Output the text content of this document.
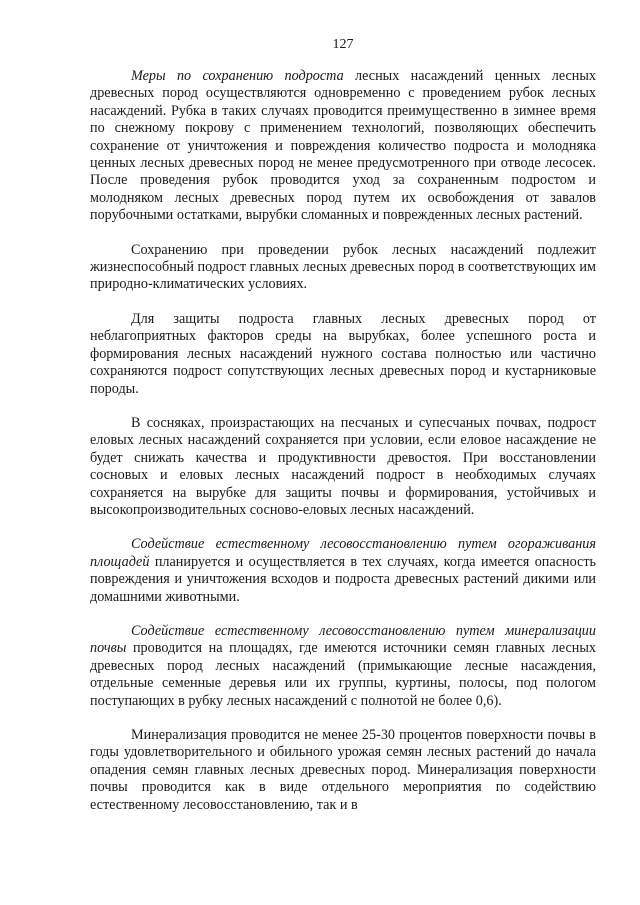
127

Меры по сохранению подроста лесных насаждений ценных лесных древесных пород осуществляются одновременно с проведением рубок лесных насаждений. Рубка в таких случаях проводится преимущественно в зимнее время по снежному покрову с применением технологий, позволяющих обеспечить сохранение от уничтожения и повреждения количество подроста и молодняка ценных лесных древесных пород не менее предусмотренного при отводе лесосек. После проведения рубок проводится уход за сохраненным подростом и молодняком лесных древесных пород путем их освобождения от завалов порубочными остатками, вырубки сломанных и поврежденных лесных растений.

Сохранению при проведении рубок лесных насаждений подлежит жизнеспособный подрост главных лесных древесных пород в соответствующих им природно-климатических условиях.

Для защиты подроста главных лесных древесных пород от неблагоприятных факторов среды на вырубках, более успешного роста и формирования лесных насаждений нужного состава полностью или частично сохраняются подрост сопутствующих лесных древесных пород и кустарниковые породы.

В сосняках, произрастающих на песчаных и супесчаных почвах, подрост еловых лесных насаждений сохраняется при условии, если еловое насаждение не будет снижать качества и продуктивности древостоя. При восстановлении сосновых и еловых лесных насаждений подрост в необходимых случаях сохраняется на вырубке для защиты почвы и формирования, устойчивых и высокопроизводительных сосново-еловых лесных насаждений.

Содействие естественному лесовосстановлению путем огораживания площадей планируется и осуществляется в тех случаях, когда имеется опасность повреждения и уничтожения всходов и подроста древесных растений дикими или домашними животными.

Содействие естественному лесовосстановлению путем минерализации почвы проводится на площадях, где имеются источники семян главных лесных древесных пород лесных насаждений (примыкающие лесные насаждения, отдельные семенные деревья или их группы, куртины, полосы, под пологом поступающих в рубку лесных насаждений с полнотой не более 0,6).

Минерализация проводится не менее 25-30 процентов поверхности почвы в годы удовлетворительного и обильного урожая семян лесных растений до начала опадения семян главных лесных древесных пород. Минерализация поверхности почвы проводится как в виде отдельного мероприятия по содействию естественному лесовосстановлению, так и в
